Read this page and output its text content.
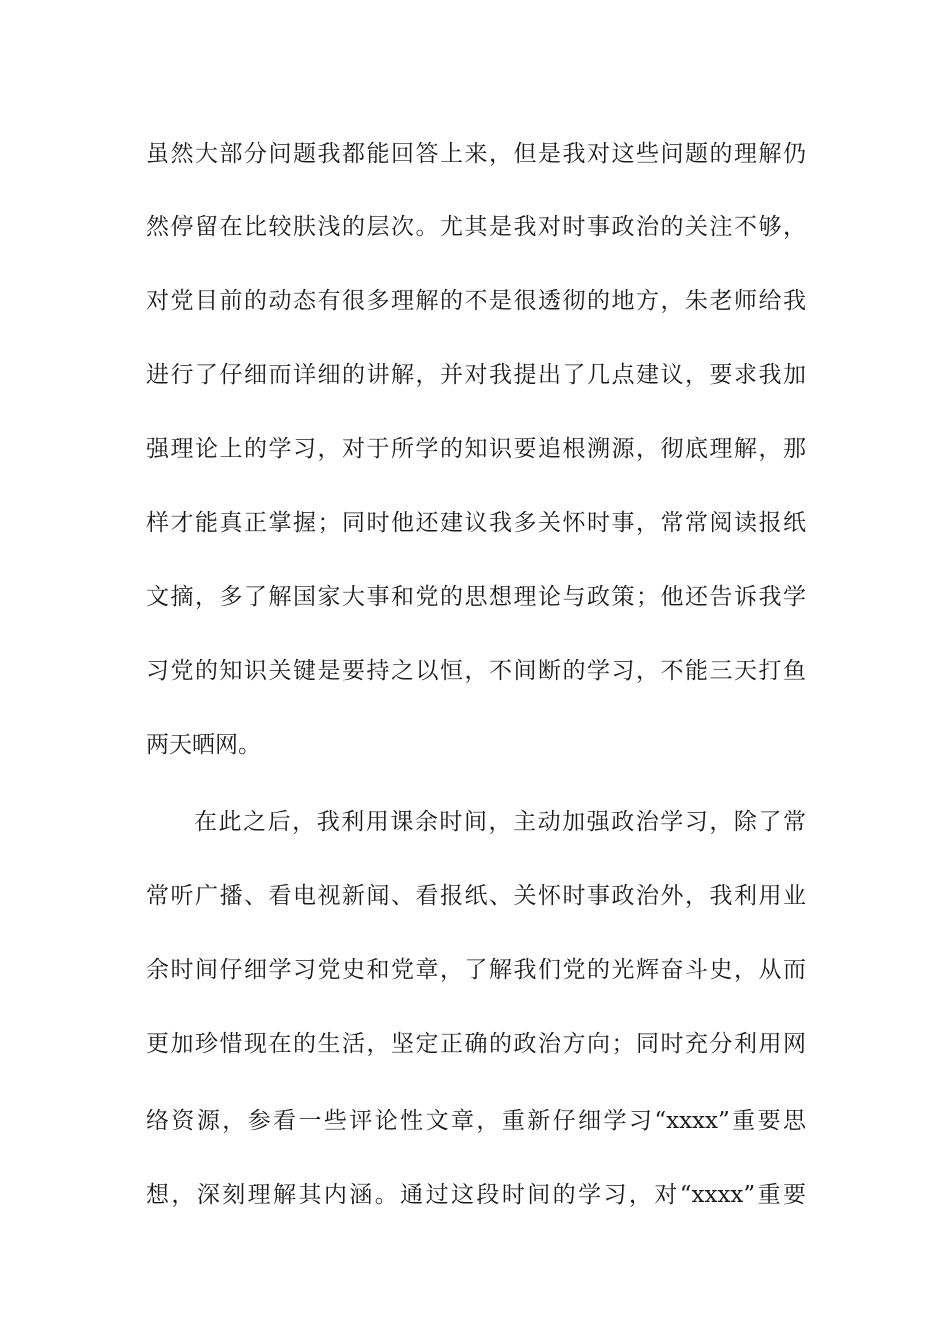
虽然大部分问题我都能回答上来，但是我对这些问题的理解仍
然停留在比较肤浅的层次。尤其是我对时事政治的关注不够，
对党目前的动态有很多理解的不是很透彻的地方，朱老师给我
进行了仔细而详细的讲解，并对我提出了几点建议，要求我加
强理论上的学习，对于所学的知识要追根溯源，彻底理解，那
样才能真正掌握；同时他还建议我多关怀时事，常常阅读报纸
文摘，多了解国家大事和党的思想理论与政策；他还告诉我学
习党的知识关键是要持之以恒，不间断的学习，不能三天打鱼
两天晒网。
在此之后，我利用课余时间，主动加强政治学习，除了常
常听广播、看电视新闻、看报纸、关怀时事政治外，我利用业
余时间仔细学习党史和党章，了解我们党的光辉奋斗史，从而
更加珍惜现在的生活，坚定正确的政治方向；同时充分利用网
络资源，参看一些评论性文章，重新仔细学习“xxxx”重要思
想，深刻理解其内涵。通过这段时间的学习，对“xxxx”重要
